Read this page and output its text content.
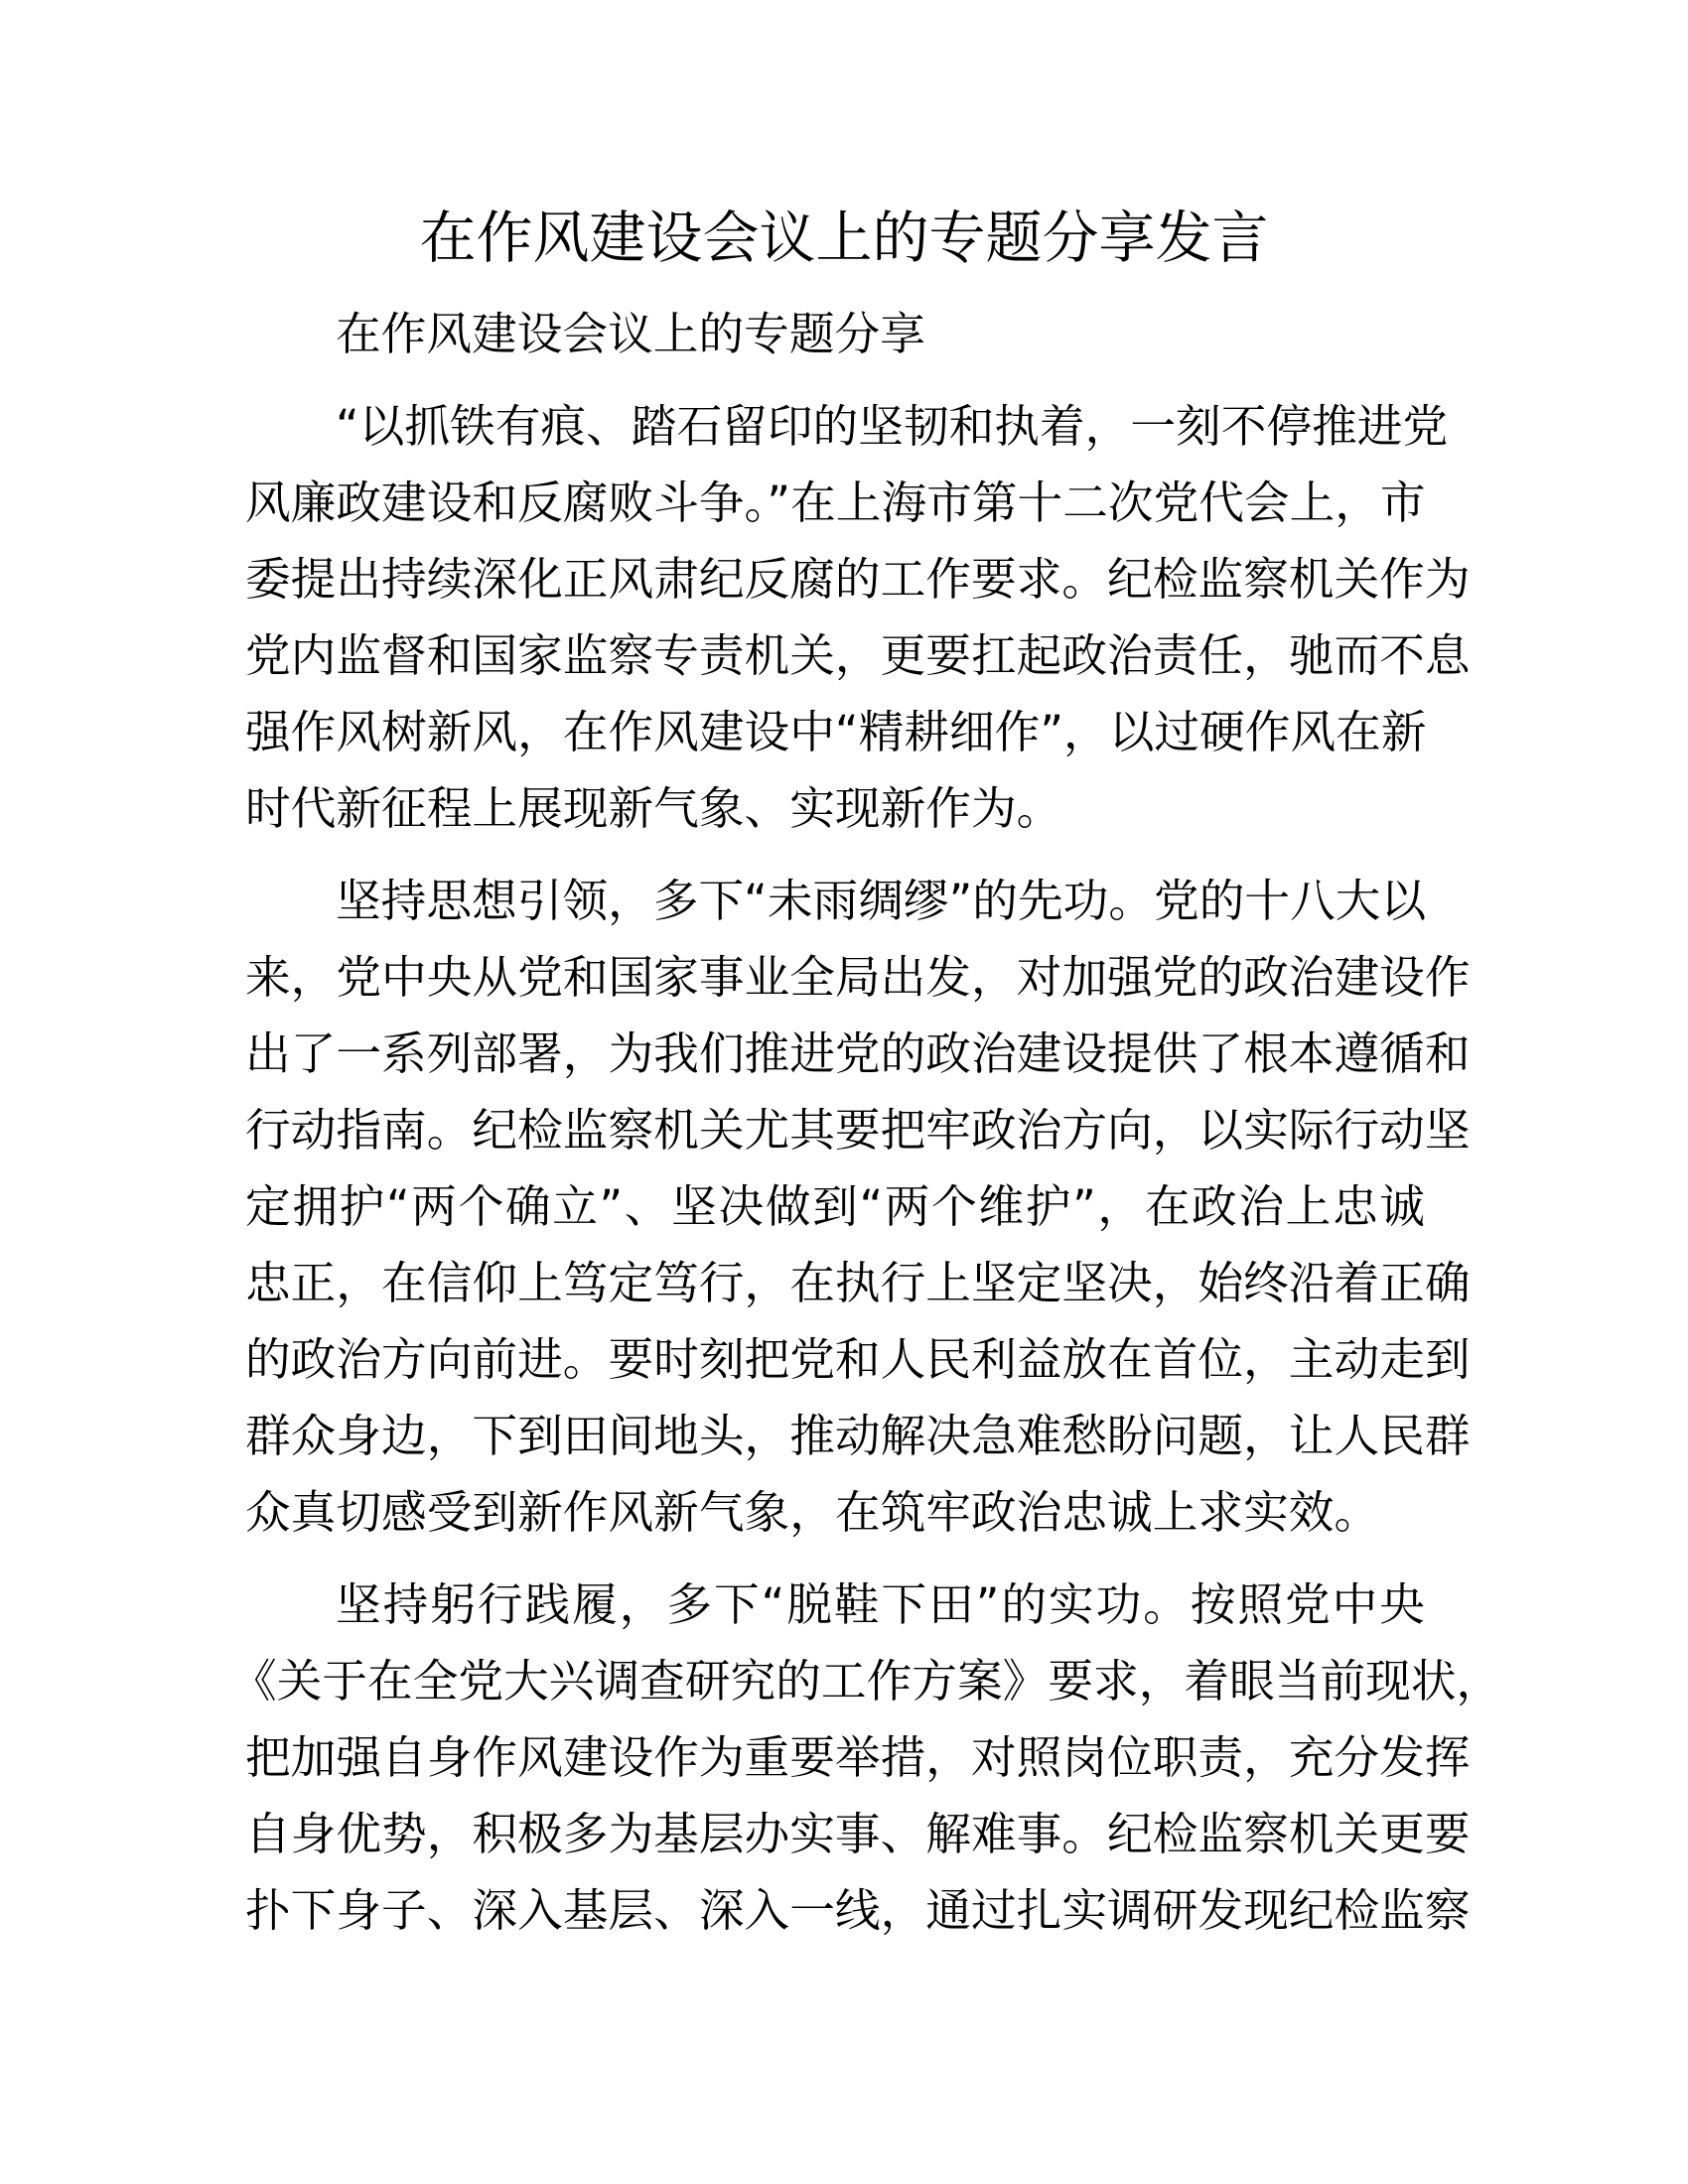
在作风建设会议上的专题分享发言
在作风建设会议上的专题分享
“以抓铁有痕、踏石留印的坚韧和执着，一刻不停推进党
风廉政建设和反腐败斗争。”在上海市第十二次党代会上，市
委提出持续深化正风肃纪反腐的工作要求。纪检监察机关作为
党内监督和国家监察专责机关，更要扛起政治责任，驰而不息
强作风树新风，在作风建设中“精耕细作”，以过硬作风在新
时代新征程上展现新气象、实现新作为。
坚持思想引领，多下“未雨绸缪”的先功。党的十八大以
来，党中央从党和国家事业全局出发，对加强党的政治建设作
出了一系列部署，为我们推进党的政治建设提供了根本遵循和
行动指南。纪检监察机关尤其要把牢政治方向，以实际行动坚
定拥护“两个确立”、坚决做到“两个维护”，在政治上忠诚
忠正，在信仰上笃定笃行，在执行上坚定坚决，始终沿着正确
的政治方向前进。要时刻把党和人民利益放在首位，主动走到
群众身边，下到田间地头，推动解决急难愁盼问题，让人民群
众真切感受到新作风新气象，在筑牢政治忠诚上求实效。
坚持躬行践履，多下“脱鞋下田”的实功。按照党中央
《关于在全党大兴调查研究的工作方案》要求，着眼当前现状，
把加强自身作风建设作为重要举措，对照岗位职责，充分发挥
自身优势，积极多为基层办实事、解难事。纪检监察机关更要
扑下身子、深入基层、深入一线，通过扎实调研发现纪检监察
